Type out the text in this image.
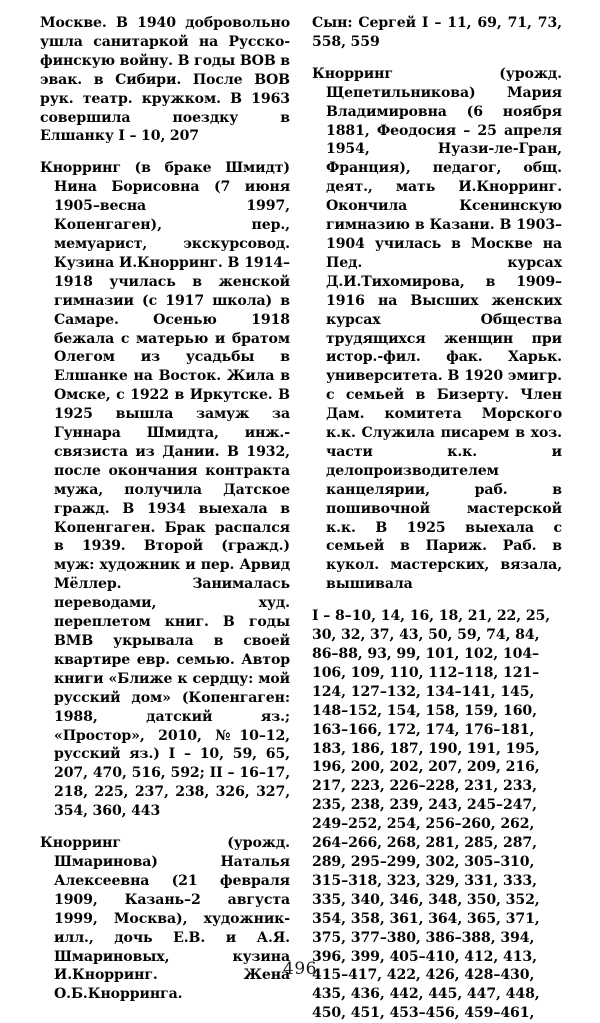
Москве. В 1940 добровольно ушла санитаркой на Русско-финскую войну. В годы ВОВ в эвак. в Сибири. После ВОВ рук. театр. кружком. В 1963 совершила поездку в Елшанку I – 10, 207

Кнорринг (в браке Шмидт) Нина Борисовна (7 июня 1905–весна 1997, Копенгаген), пер., мемуарист, экскурсовод. Кузина И.Кнорринг. В 1914–1918 училась в женской гимназии (с 1917 школа) в Самаре. Осенью 1918 бежала с матерью и братом Олегом из усадьбы в Елшанке на Восток. Жила в Омске, с 1922 в Иркутске. В 1925 вышла замуж за Гуннара Шмидта, инж.-связиста из Дании. В 1932, после окончания контракта мужа, получила Датское гражд. В 1934 выехала в Копенгаген. Брак распался в 1939. Второй (гражд.) муж: художник и пер. Арвид Мёллер. Занималась переводами, худ. переплетом книг. В годы ВМВ укрывала в своей квартире евр. семью. Автор книги «Ближе к сердцу: мой русский дом» (Копенгаген: 1988, датский яз.; «Простор», 2010, №10–12, русский яз.) I – 10, 59, 65, 207, 470, 516, 592; II – 16–17, 218, 225, 237, 238, 326, 327, 354, 360, 443

Кнорринг (урожд. Шмаринова) Наталья Алексеевна (21 февраля 1909, Казань–2 августа 1999, Москва), художник-илл., дочь Е.В. и А.Я. Шмариновых, кузина И.Кнорринг. Жена О.Б.Кнорринга.

Сын: Сергей I – 11, 69, 71, 73, 558, 559

Кнорринг (урожд. Щепетильникова) Мария Владимировна (6 ноября 1881, Феодосия – 25 апреля 1954, Нуази-ле-Гран, Франция), педагог, общ. деят., мать И.Кнорринг. Окончила Ксенинскую гимназию в Казани. В 1903–1904 училась в Москве на Пед. курсах Д.И.Тихомирова, в 1909–1916 на Высших женских курсах Общества трудящихся женщин при истор.-фил. фак. Харьк. университета. В 1920 эмигр. с семьей в Бизерту. Член Дам. комитета Морского к.к. Служила писарем в хоз. части к.к. и делопроизводителем канцелярии, раб. в пошивочной мастерской к.к. В 1925 выехала с семьей в Париж. Раб. в кукол. мастерских, вязала, вышивала

I – 8–10, 14, 16, 18, 21, 22, 25, 30, 32, 37, 43, 50, 59, 74, 84, 86–88, 93, 99, 101, 102, 104–106, 109, 110, 112–118, 121–124, 127–132, 134–141, 145, 148–152, 154, 158, 159, 160, 163–166, 172, 174, 176–181, 183, 186, 187, 190, 191, 195, 196, 200, 202, 207, 209, 216, 217, 223, 226–228, 231, 233, 235, 238, 239, 243, 245–247, 249–252, 254, 256–260, 262, 264–266, 268, 281, 285, 287, 289, 295–299, 302, 305–310, 315–318, 323, 329, 331, 333, 335, 340, 346, 348, 350, 352, 354, 358, 361, 364, 365, 371, 375, 377–380, 386–388, 394, 396, 399, 405–410, 412, 413, 415–417, 422, 426, 428–430, 435, 436, 442, 445, 447, 448, 450, 451, 453–456, 459–461,

496
